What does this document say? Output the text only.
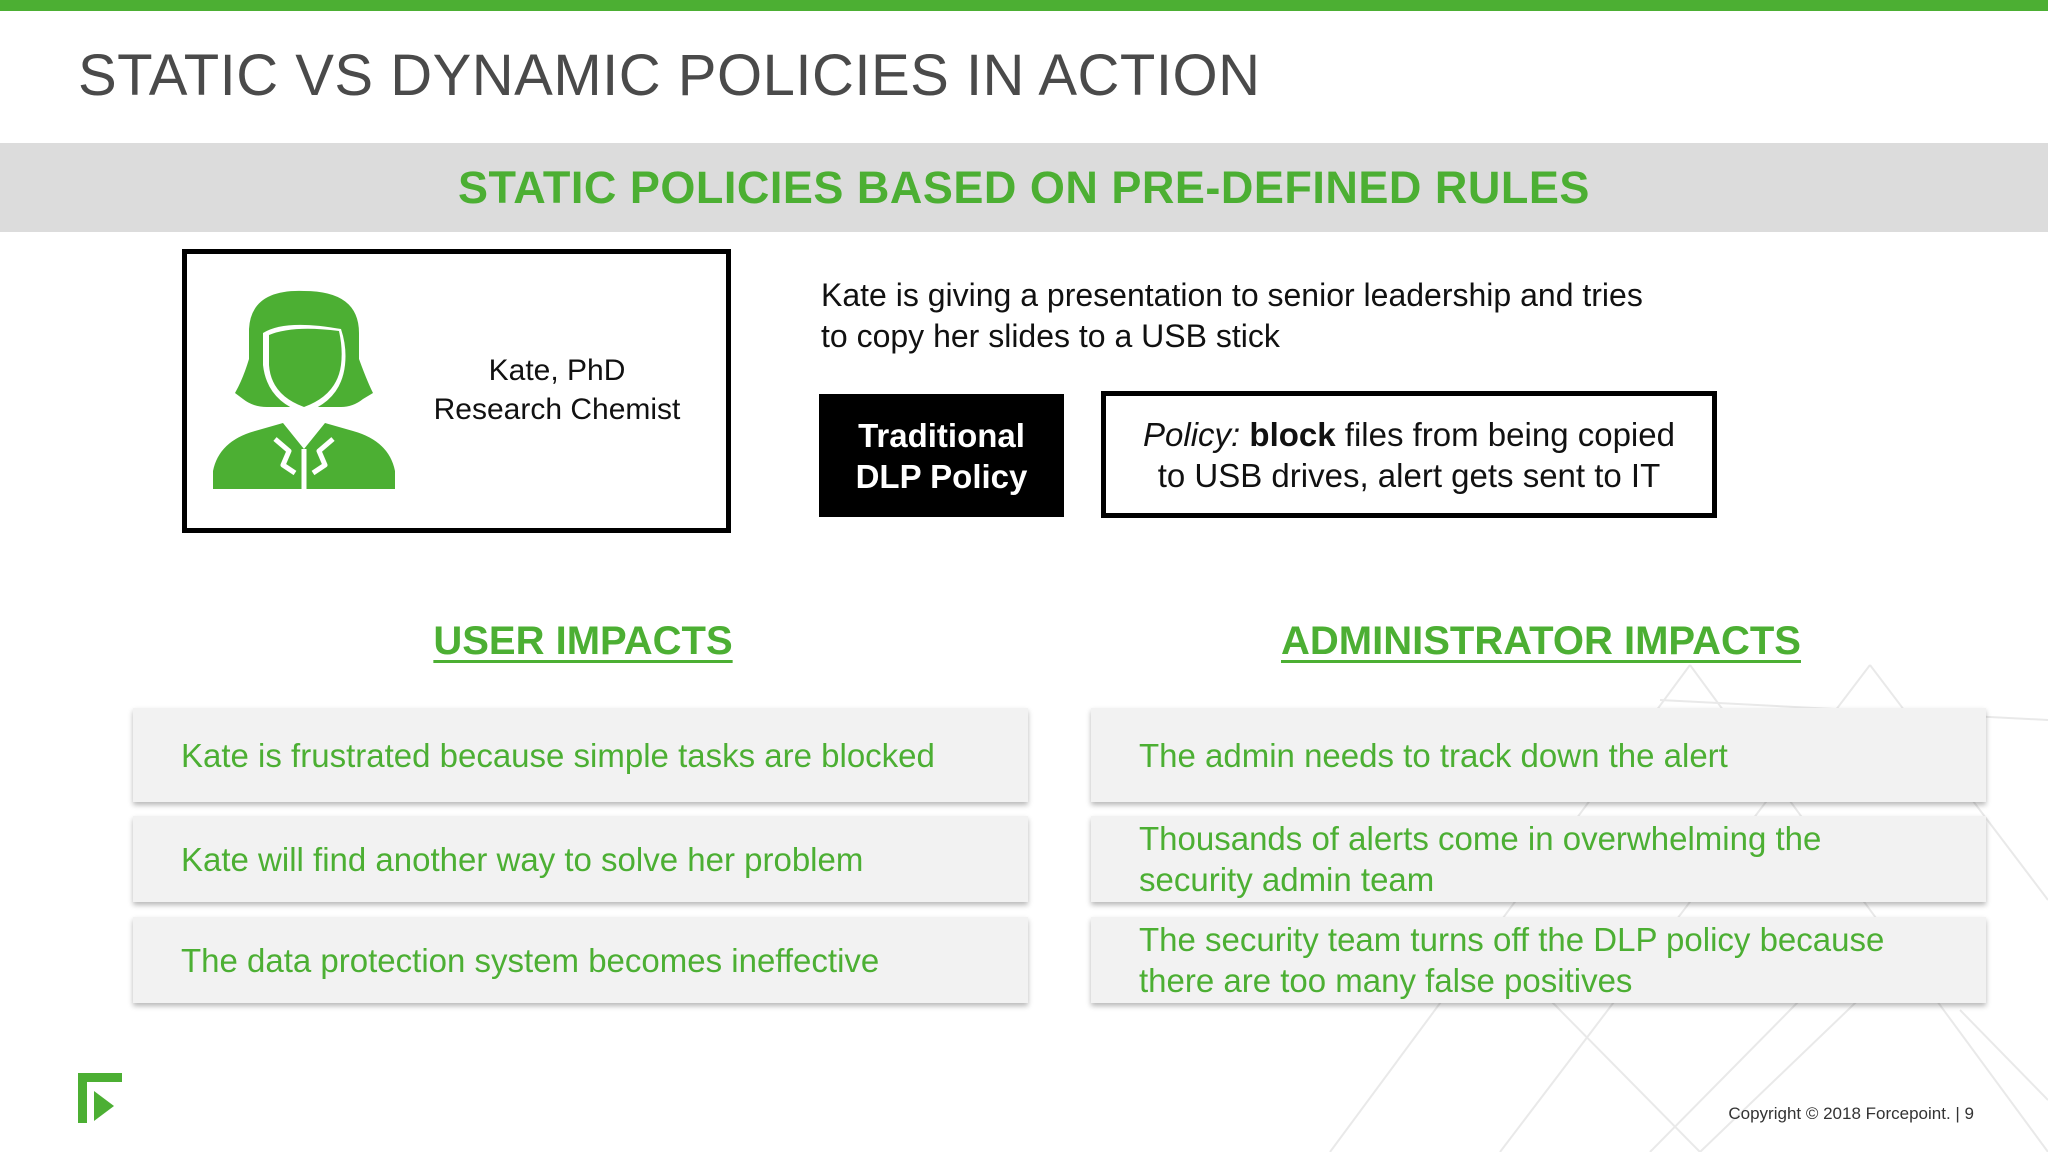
STATIC VS DYNAMIC POLICIES IN ACTION
STATIC POLICIES BASED ON PRE-DEFINED RULES
Kate, PhD
Research Chemist
Kate is giving a presentation to senior leadership and tries
to copy her slides to a USB stick
Traditional
DLP Policy
Policy: block files from being copied
to USB drives, alert gets sent to IT
USER IMPACTS	ADMINISTRATOR IMPACTS
Kate is frustrated because simple tasks are blocked
Kate will find another way to solve her problem
The data protection system becomes ineffective
The admin needs to track down the alert
Thousands of alerts come in overwhelming the security admin team
The security team turns off the DLP policy because there are too many false positives
Copyright © 2018 Forcepoint. | 9
